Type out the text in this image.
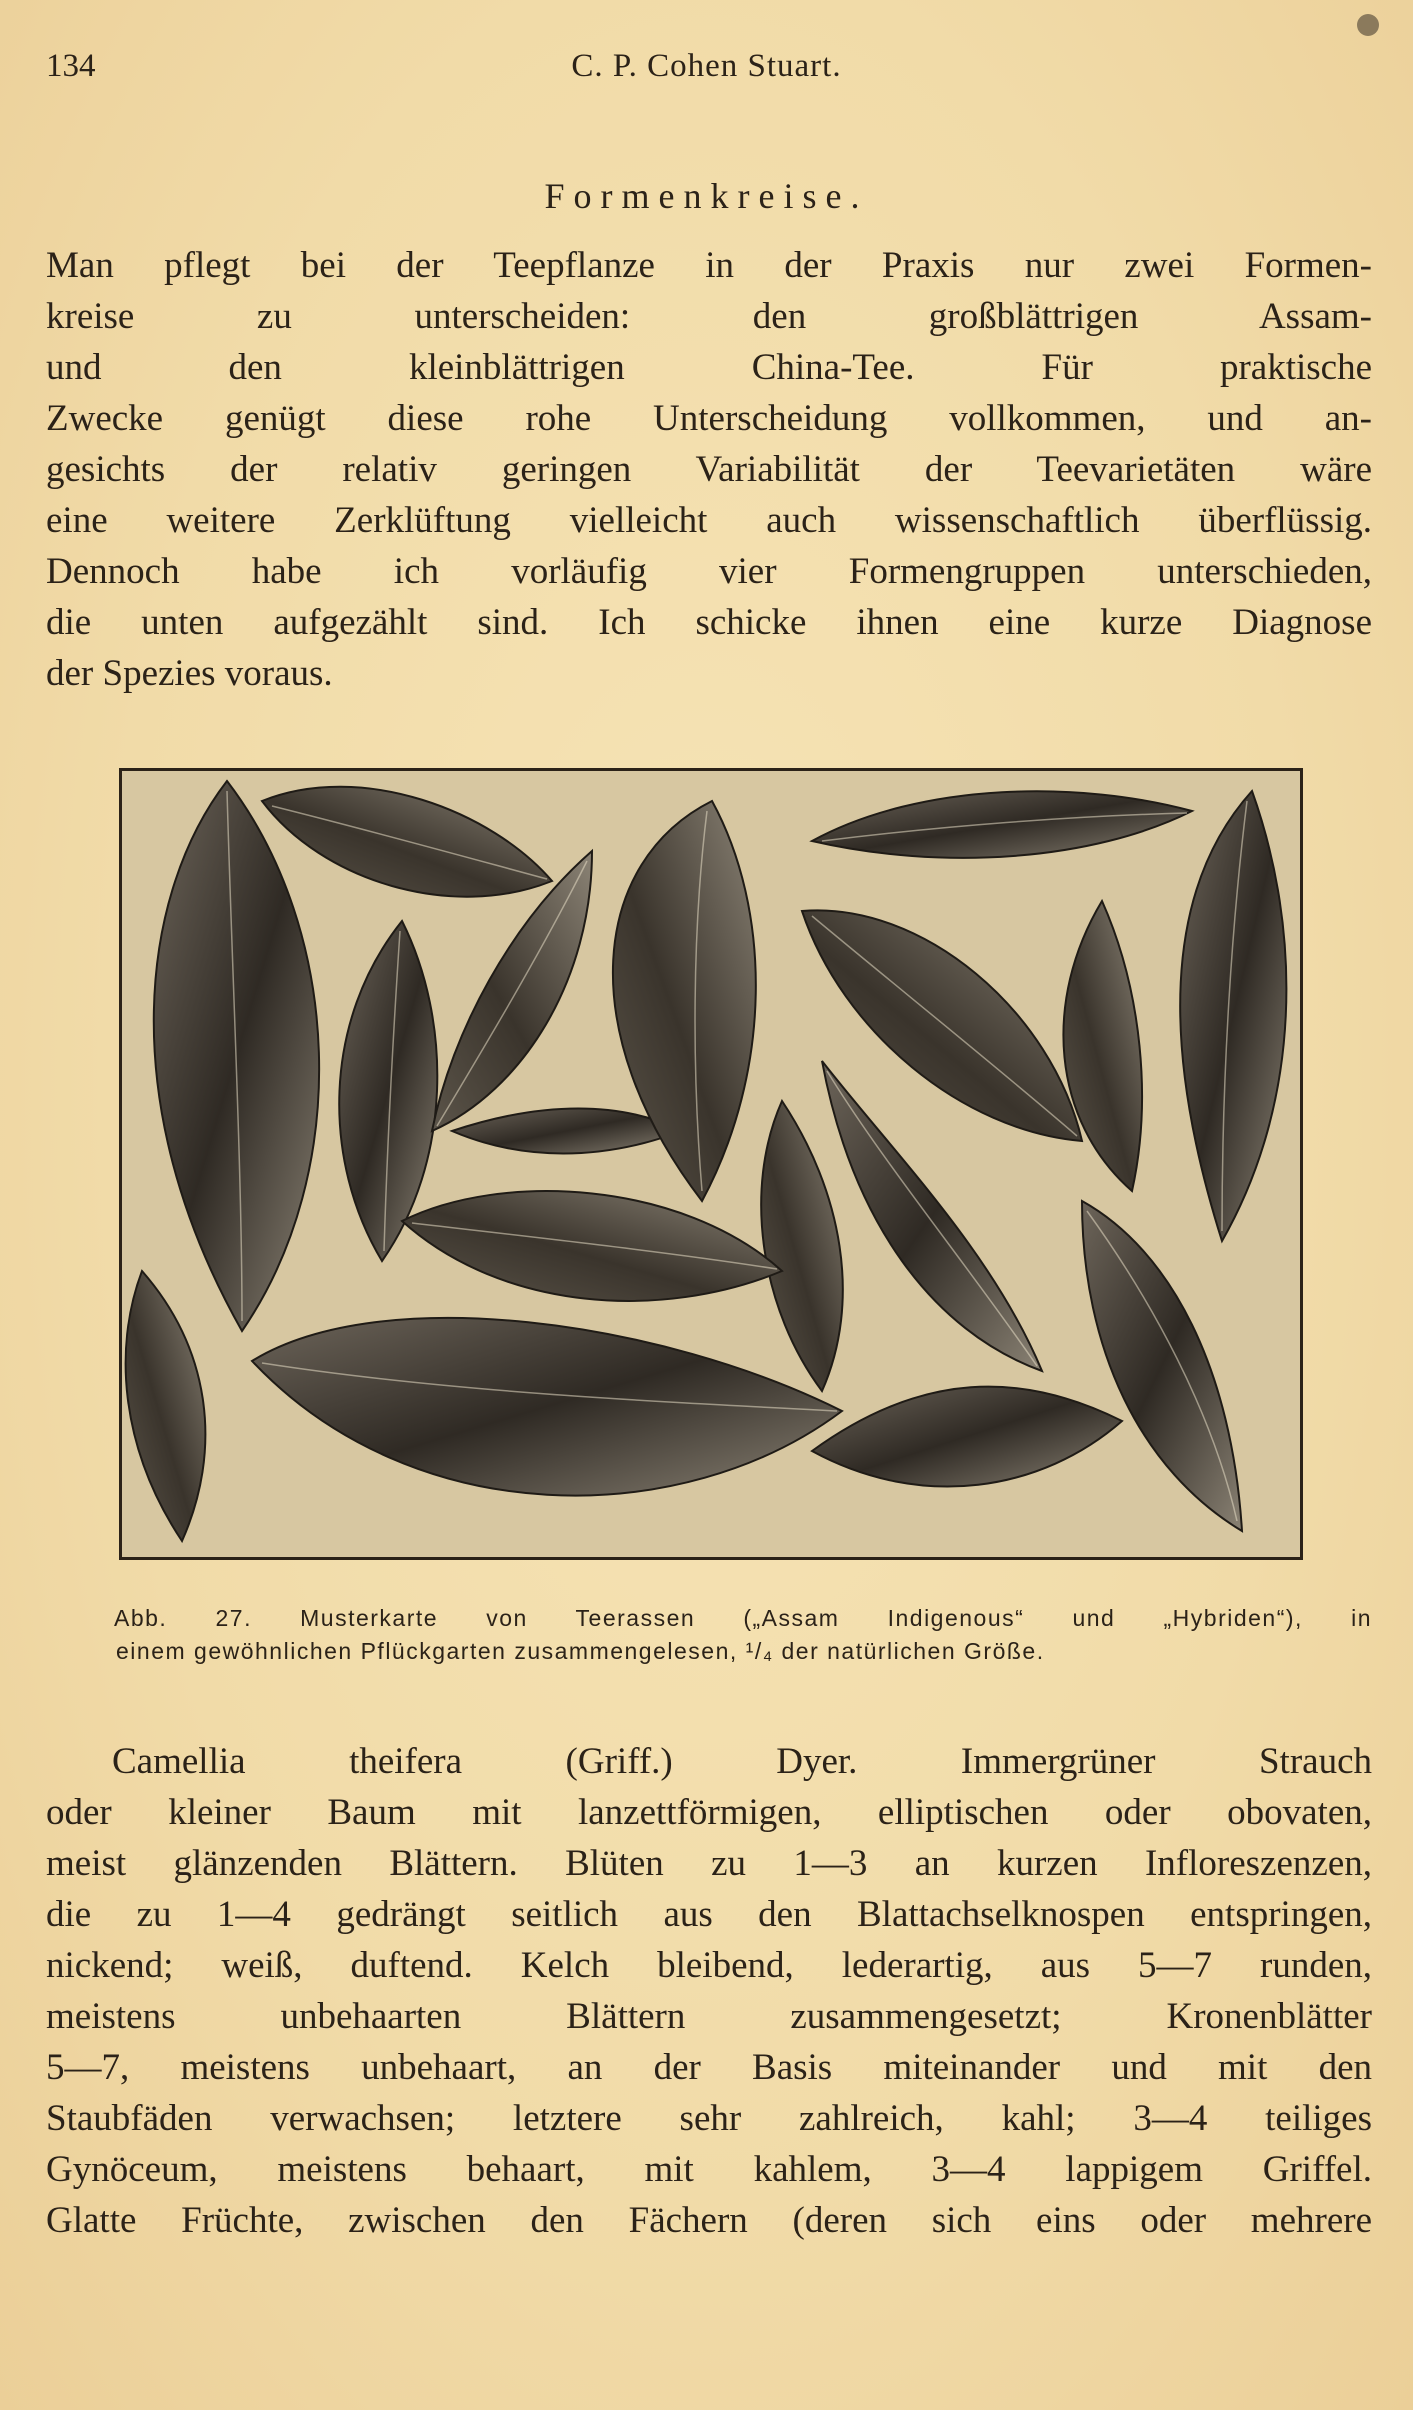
134	C. P. Cohen Stuart.
Formenkreise.
Man pflegt bei der Teepflanze in der Praxis nur zwei Formen-
kreise zu unterscheiden: den großblättrigen Assam-
und den kleinblättrigen China-Tee. Für praktische
Zwecke genügt diese rohe Unterscheidung vollkommen, und an-
gesichts der relativ geringen Variabilität der Teevarietäten wäre
eine weitere Zerklüftung vielleicht auch wissenschaftlich überflüssig.
Dennoch habe ich vorläufig vier Formengruppen unterschieden,
die unten aufgezählt sind. Ich schicke ihnen eine kurze Diagnose
der Spezies voraus.
Abb. 27. Musterkarte von Teerassen („Assam Indigenous“ und „Hybriden“), in
einem gewöhnlichen Pflückgarten zusammengelesen, ¹/₄ der natürlichen Größe.
Camellia theifera (Griff.) Dyer. Immergrüner Strauch
oder kleiner Baum mit lanzettförmigen, elliptischen oder obovaten,
meist glänzenden Blättern. Blüten zu 1—3 an kurzen Infloreszenzen,
die zu 1—4 gedrängt seitlich aus den Blattachselknospen entspringen,
nickend; weiß, duftend. Kelch bleibend, lederartig, aus 5—7 runden,
meistens unbehaarten Blättern zusammengesetzt; Kronenblätter
5—7, meistens unbehaart, an der Basis miteinander und mit den
Staubfäden verwachsen; letztere sehr zahlreich, kahl; 3—4 teiliges
Gynöceum, meistens behaart, mit kahlem, 3—4 lappigem Griffel.
Glatte Früchte, zwischen den Fächern (deren sich eins oder mehrere
